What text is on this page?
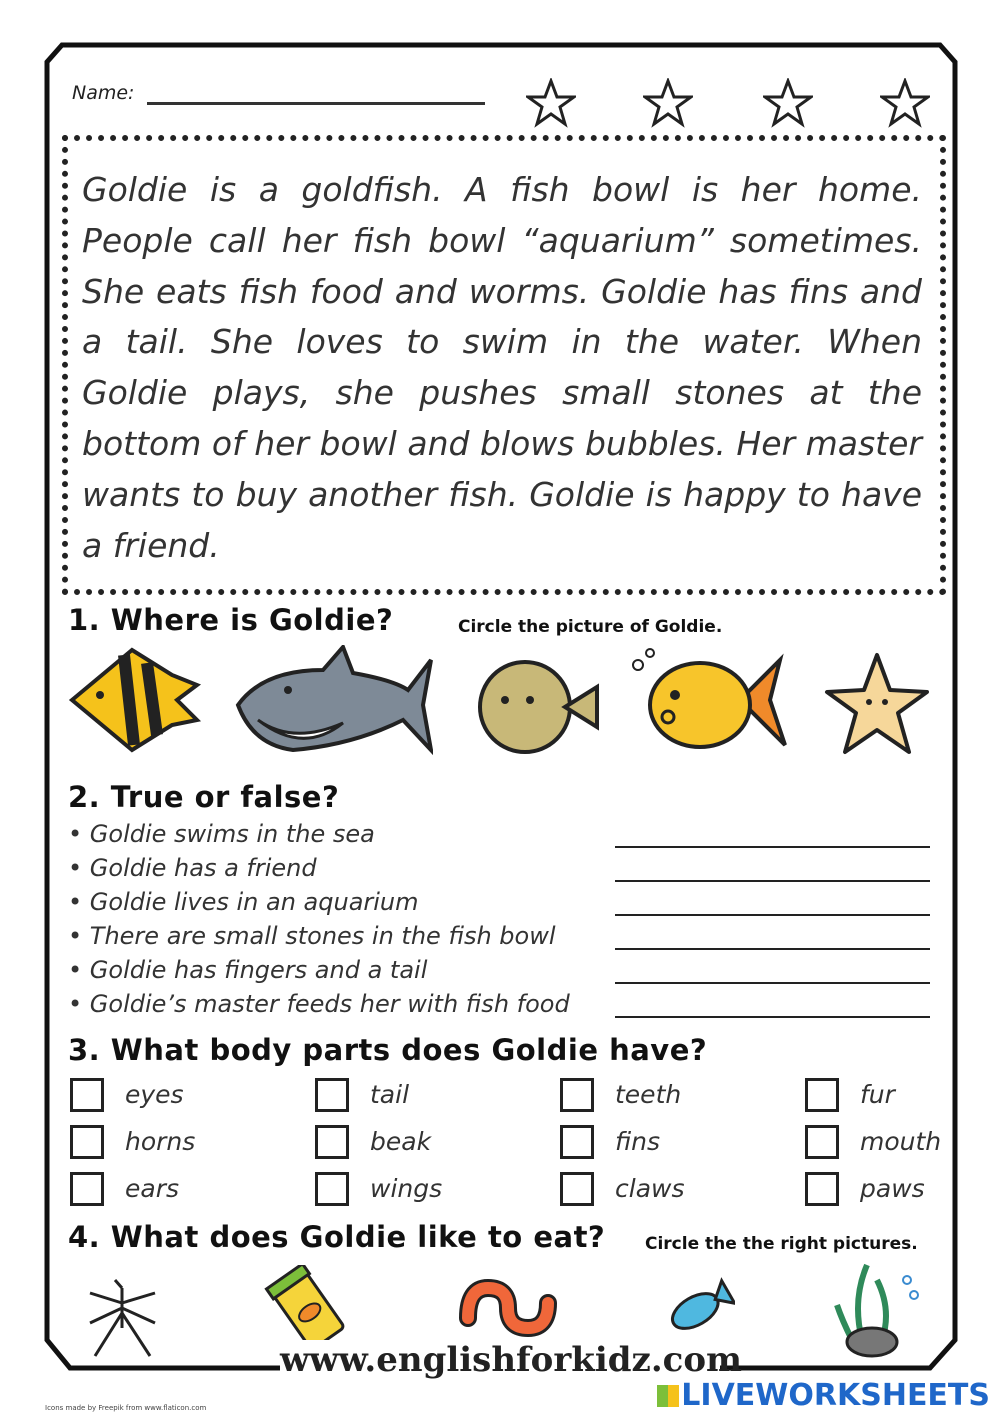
Name:
Goldie is a goldfish. A fish bowl is her home. People call her fish bowl “aquarium” sometimes. She eats fish food and worms. Goldie has fins and a tail. She loves to swim in the water. When Goldie plays, she pushes small stones at the bottom of her bowl and blows bubbles. Her master wants to buy another fish. Goldie is happy to have a friend.
1. Where is Goldie?	Circle the picture of Goldie.
2. True or false?
• Goldie swims in the sea
• Goldie has a friend
• Goldie lives in an aquarium
• There are small stones in the fish bowl
• Goldie has fingers and a tail
• Goldie’s master feeds her with fish food
3. What body parts does Goldie have?
eyes	tail	teeth	fur
horns	beak	fins	mouth
ears	wings	claws	paws
4. What does Goldie like to eat? Circle the the right pictures.
www.englishforkidz.com
LIVEWORKSHEETS
Icons made by Freepik from www.flaticon.com
